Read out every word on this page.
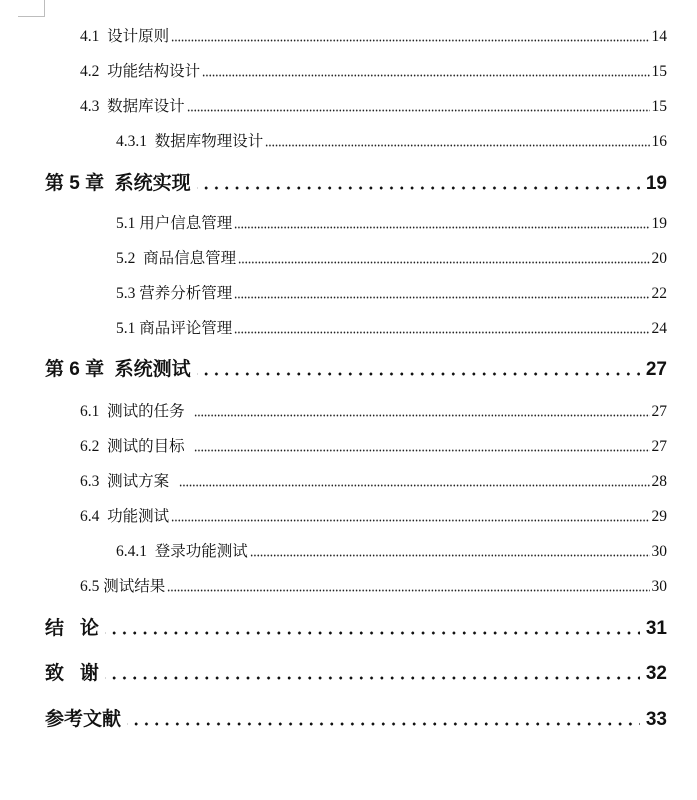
4.1  设计原则	14
4.2  功能结构设计	15
4.3  数据库设计	15
4.3.1  数据库物理设计	16
第 5 章  系统实现	19
5.1 用户信息管理	19
5.2  商品信息管理	20
5.3 营养分析管理	22
5.1 商品评论管理	24
第 6 章  系统测试	27
6.1  测试的任务	27
6.2  测试的目标	27
6.3  测试方案	28
6.4  功能测试	29
6.4.1  登录功能测试	30
6.5 测试结果	30
结   论	31
致   谢	32
参考文献	33
